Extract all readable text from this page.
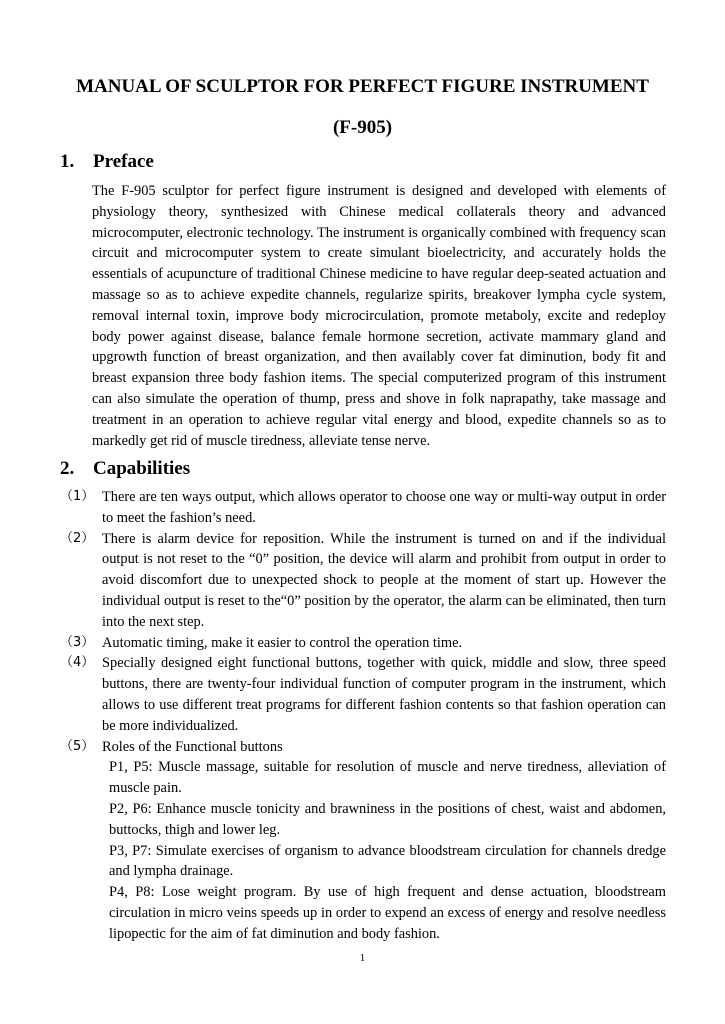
MANUAL OF SCULPTOR FOR PERFECT FIGURE INSTRUMENT
(F-905)
1. Preface

The F-905 sculptor for perfect figure instrument is designed and developed with elements of physiology theory, synthesized with Chinese medical collaterals theory and advanced microcomputer, electronic technology. The instrument is organically combined with frequency scan circuit and microcomputer system to create simulant bioelectricity, and accurately holds the essentials of acupuncture of traditional Chinese medicine to have regular deep-seated actuation and massage so as to achieve expedite channels, regularize spirits, breakover lympha cycle system, removal internal toxin, improve body microcirculation, promote metaboly, excite and redeploy body power against disease, balance female hormone secretion, activate mammary gland and upgrowth function of breast organization, and then availably cover fat diminution, body fit and breast expansion three body fashion items. The special computerized program of this instrument can also simulate the operation of thump, press and shove in folk naprapathy, take massage and treatment in an operation to achieve regular vital energy and blood, expedite channels so as to markedly get rid of muscle tiredness, alleviate tense nerve.

2. Capabilities
（1） There are ten ways output, which allows operator to choose one way or multi-way output in order to meet the fashion’s need.
（2） There is alarm device for reposition. While the instrument is turned on and if the individual output is not reset to the “0” position, the device will alarm and prohibit from output in order to avoid discomfort due to unexpected shock to people at the moment of start up. However the individual output is reset to the“0” position by the operator, the alarm can be eliminated, then turn into the next step.
（3） Automatic timing, make it easier to control the operation time.
（4） Specially designed eight functional buttons, together with quick, middle and slow, three speed buttons, there are twenty-four individual function of computer program in the instrument, which allows to use different treat programs for different fashion contents so that fashion operation can be more individualized.
（5） Roles of the Functional buttons
P1, P5: Muscle massage, suitable for resolution of muscle and nerve tiredness, alleviation of muscle pain.
P2, P6: Enhance muscle tonicity and brawniness in the positions of chest, waist and abdomen, buttocks, thigh and lower leg.
P3, P7: Simulate exercises of organism to advance bloodstream circulation for channels dredge and lympha drainage.
P4, P8: Lose weight program. By use of high frequent and dense actuation, bloodstream circulation in micro veins speeds up in order to expend an excess of energy and resolve needless lipopectic for the aim of fat diminution and body fashion.
1
